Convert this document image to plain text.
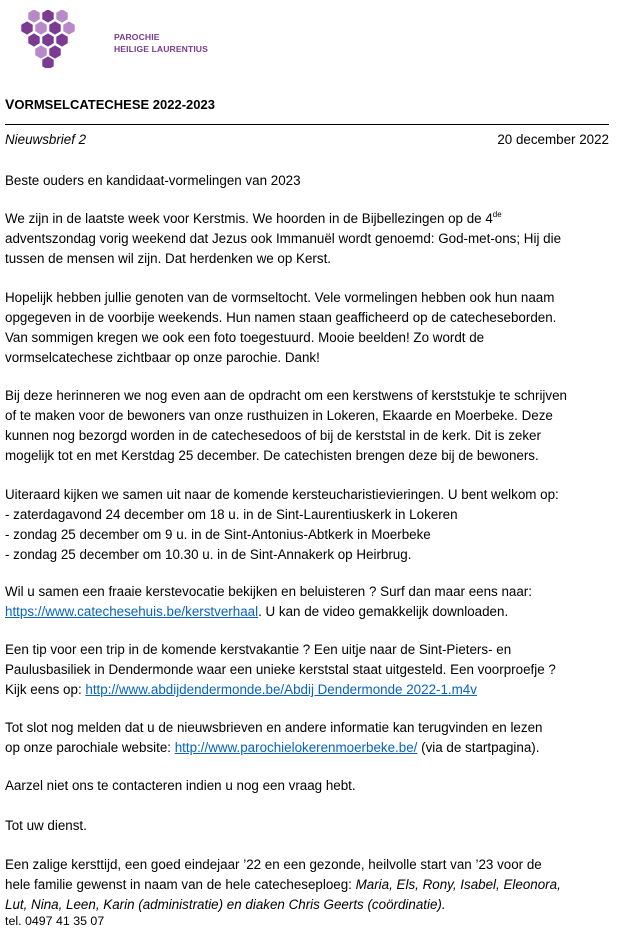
PAROCHIE
HEILIGE LAURENTIUS
VORMSELCATECHESE 2022-2023
Nieuwsbrief 2	20 december 2022
Beste ouders en kandidaat-vormelingen van 2023
We zijn in de laatste week voor Kerstmis. We hoorden in de Bijbellezingen op de 4de
adventszondag vorig weekend dat Jezus ook Immanuël wordt genoemd: God-met-ons; Hij die
tussen de mensen wil zijn. Dat herdenken we op Kerst.
Hopelijk hebben jullie genoten van de vormseltocht. Vele vormelingen hebben ook hun naam
opgegeven in de voorbije weekends. Hun namen staan geafficheerd op de catecheseborden.
Van sommigen kregen we ook een foto toegestuurd. Mooie beelden! Zo wordt de
vormselcatechese zichtbaar op onze parochie. Dank!
Bij deze herinneren we nog even aan de opdracht om een kerstwens of kerststukje te schrijven
of te maken voor de bewoners van onze rusthuizen in Lokeren, Ekaarde en Moerbeke. Deze
kunnen nog bezorgd worden in de catechesedoos of bij de kerststal in de kerk. Dit is zeker
mogelijk tot en met Kerstdag 25 december. De catechisten brengen deze bij de bewoners.
Uiteraard kijken we samen uit naar de komende kersteucharistievieringen. U bent welkom op:
- zaterdagavond 24 december om 18 u. in de Sint-Laurentiuskerk in Lokeren
- zondag 25 december om 9 u. in de Sint-Antonius-Abtkerk in Moerbeke
- zondag 25 december om 10.30 u. in de Sint-Annakerk op Heirbrug.
Wil u samen een fraaie kerstevocatie bekijken en beluisteren ? Surf dan maar eens naar:
https://www.catechesehuis.be/kerstverhaal. U kan de video gemakkelijk downloaden.
Een tip voor een trip in de komende kerstvakantie ? Een uitje naar de Sint-Pieters- en
Paulusbasiliek in Dendermonde waar een unieke kerststal staat uitgesteld. Een voorproefje ?
Kijk eens op: http://www.abdijdendermonde.be/Abdij Dendermonde 2022-1.m4v
Tot slot nog melden dat u de nieuwsbrieven en andere informatie kan terugvinden en lezen
op onze parochiale website: http://www.parochielokerenmoerbeke.be/ (via de startpagina).
Aarzel niet ons te contacteren indien u nog een vraag hebt.
Tot uw dienst.
Een zalige kersttijd, een goed eindejaar ’22 en een gezonde, heilvolle start van ’23 voor de
hele familie gewenst in naam van de hele catecheseploeg: Maria, Els, Rony, Isabel, Eleonora,
Lut, Nina, Leen, Karin (administratie) en diaken Chris Geerts (coördinatie).
tel. 0497 41 35 07
